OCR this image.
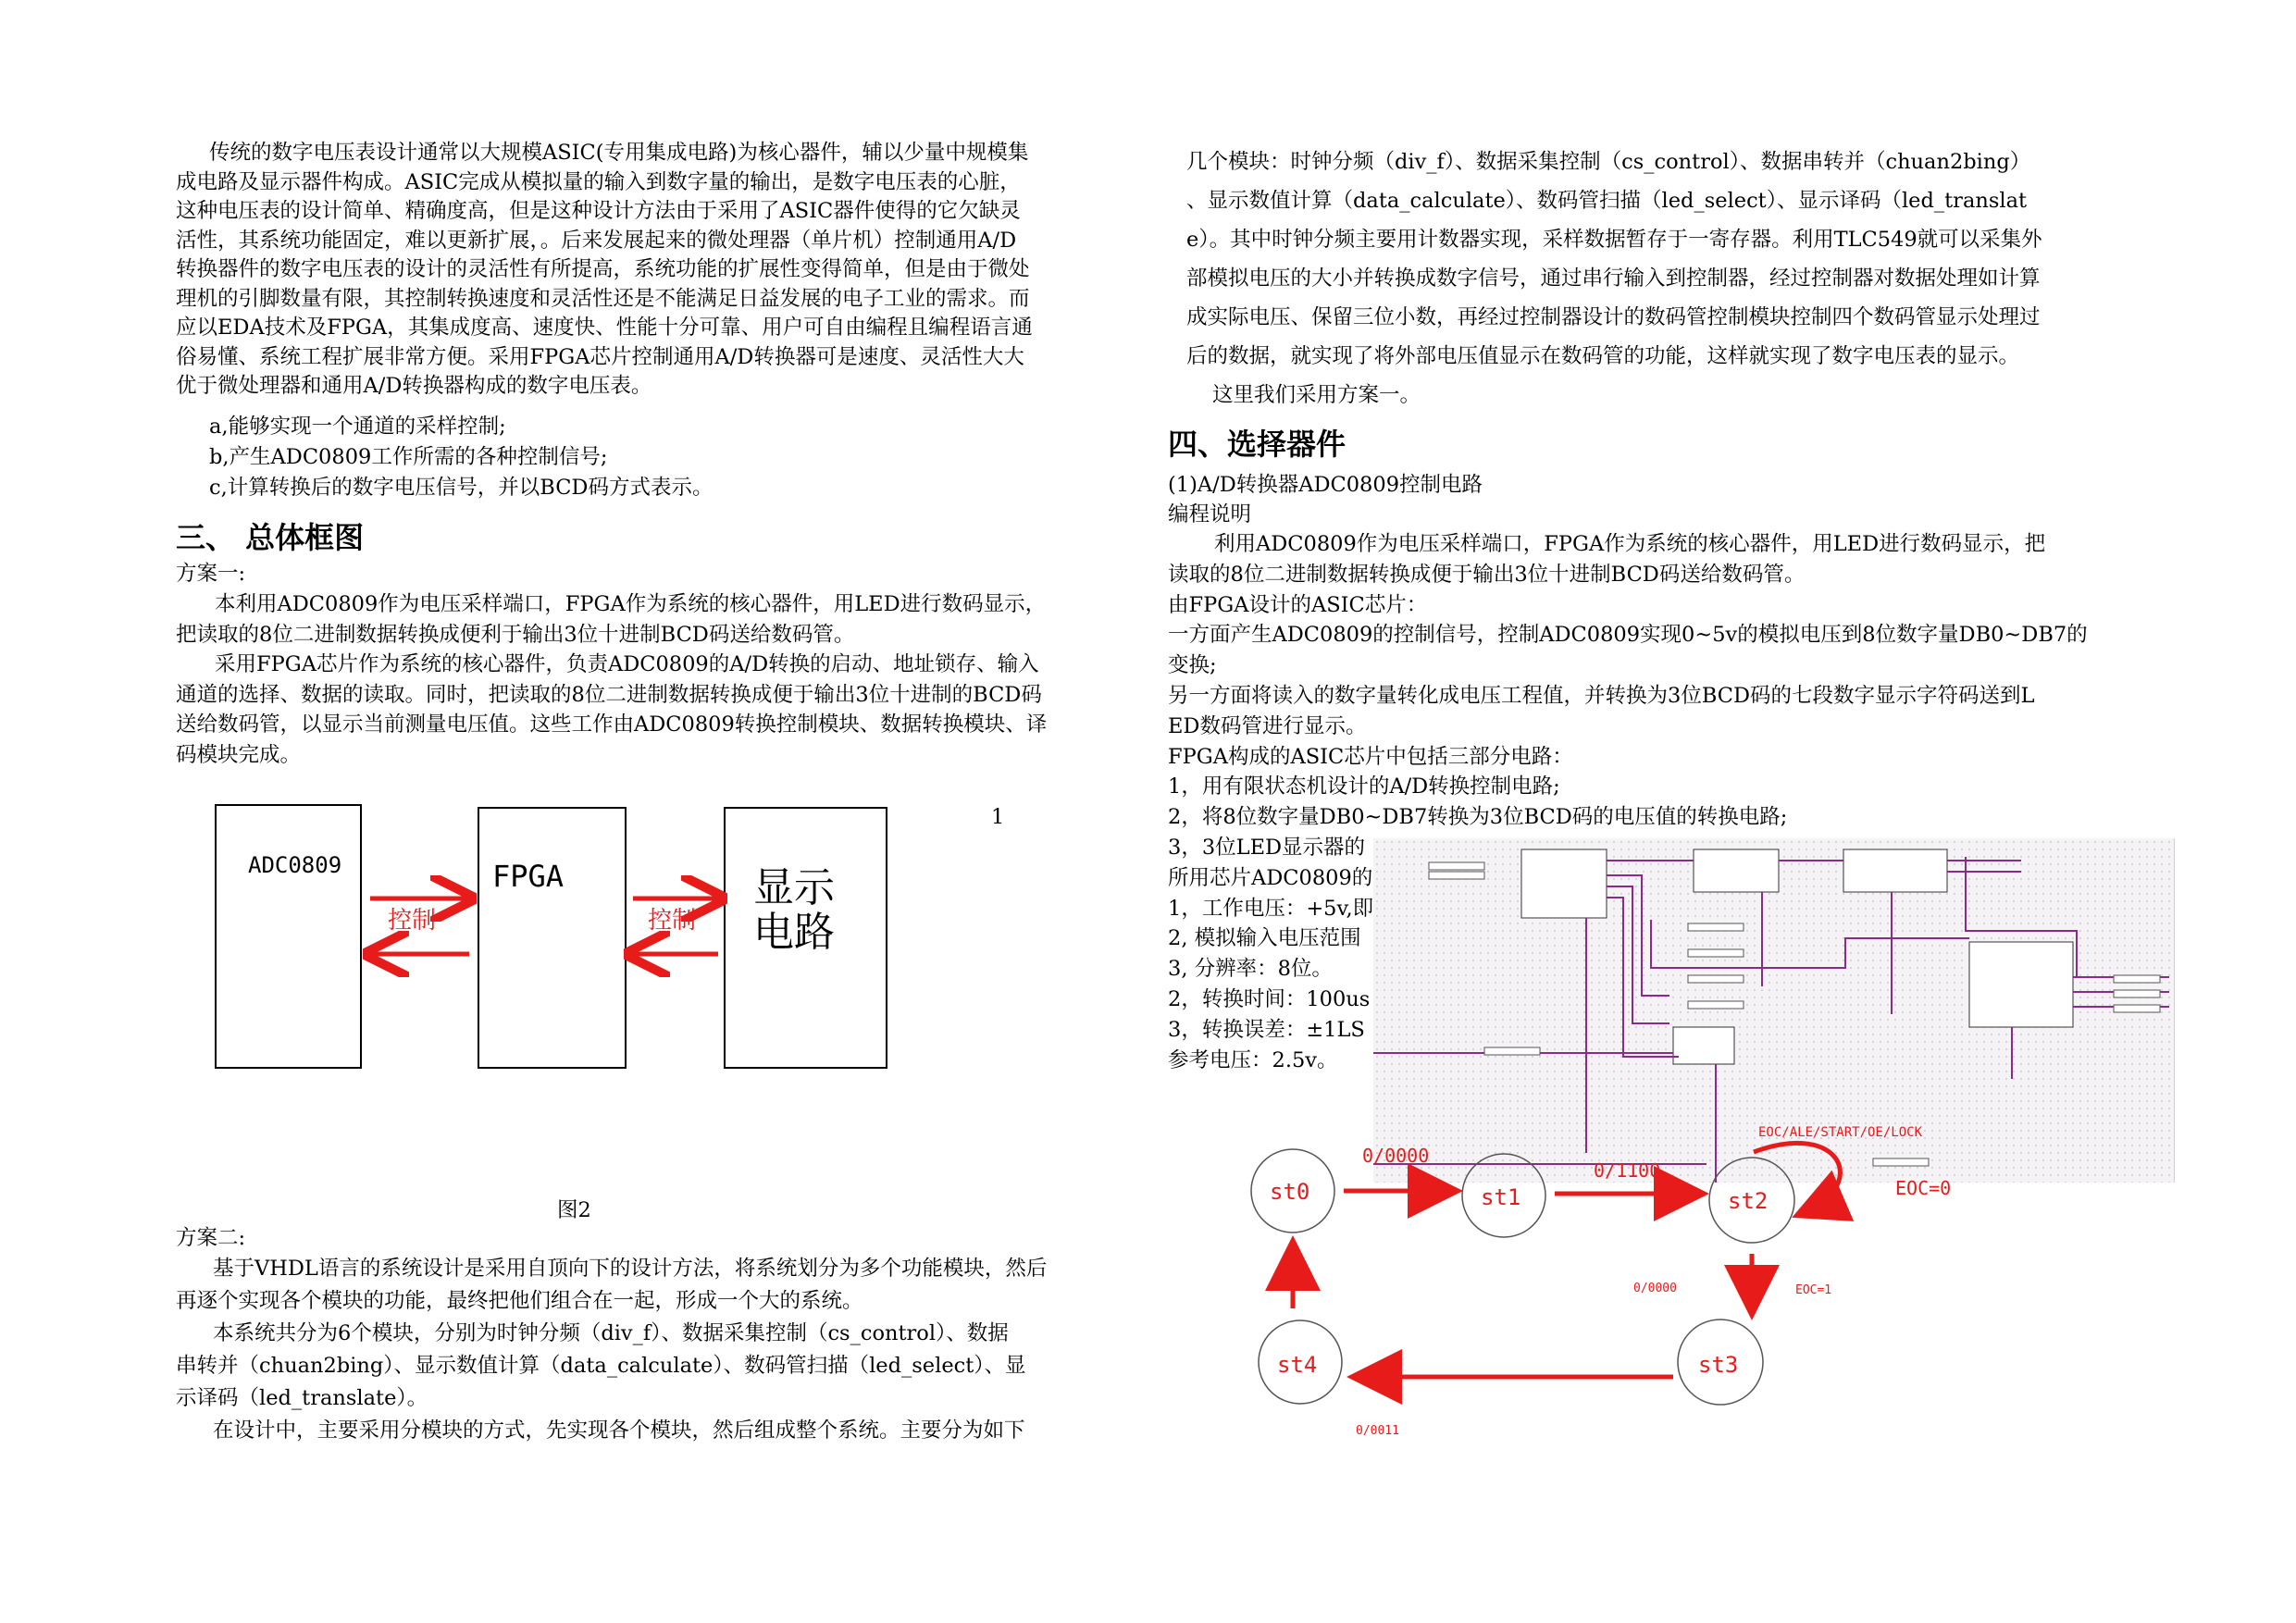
传统的数字电压表设计通常以大规模ASIC(专用集成电路)为核心器件，辅以少量中规模集
成电路及显示器件构成。ASIC完成从模拟量的输入到数字量的输出，是数字电压表的心脏，
这种电压表的设计简单、精确度高，但是这种设计方法由于采用了ASIC器件使得的它欠缺灵
活性，其系统功能固定，难以更新扩展，。后来发展起来的微处理器（单片机）控制通用A/D
转换器件的数字电压表的设计的灵活性有所提高，系统功能的扩展性变得简单，但是由于微处
理机的引脚数量有限，其控制转换速度和灵活性还是不能满足日益发展的电子工业的需求。而
应以EDA技术及FPGA，其集成度高、速度快、性能十分可靠、用户可自由编程且编程语言通
俗易懂、系统工程扩展非常方便。采用FPGA芯片控制通用A/D转换器可是速度、灵活性大大
优于微处理器和通用A/D转换器构成的数字电压表。
a,能够实现一个通道的采样控制;
b,产生ADC0809工作所需的各种控制信号;
c,计算转换后的数字电压信号，并以BCD码方式表示。
三、 总体框图
方案一:
本利用ADC0809作为电压采样端口，FPGA作为系统的核心器件，用LED进行数码显示，
把读取的8位二进制数据转换成便利于输出3位十进制BCD码送给数码管。
采用FPGA芯片作为系统的核心器件，负责ADC0809的A/D转换的启动、地址锁存、输入
通道的选择、数据的读取。同时，把读取的8位二进制数据转换成便于输出3位十进制的BCD码
送给数码管，以显示当前测量电压值。这些工作由ADC0809转换控制模块、数据转换模块、译
码模块完成。
ADC0809	FPGA	显示
电路
控制	控制
1
图2
方案二:
基于VHDL语言的系统设计是采用自顶向下的设计方法，将系统划分为多个功能模块，然后
再逐个实现各个模块的功能，最终把他们组合在一起，形成一个大的系统。
本系统共分为6个模块，分别为时钟分频（div_f）、数据采集控制（cs_control）、数据
串转并（chuan2bing）、显示数值计算（data_calculate）、数码管扫描（led_select）、显
示译码（led_translate）。
在设计中，主要采用分模块的方式，先实现各个模块，然后组成整个系统。主要分为如下
几个模块：时钟分频（div_f）、数据采集控制（cs_control）、数据串转并（chuan2bing）
、显示数值计算（data_calculate）、数码管扫描（led_select）、显示译码（led_translat
e）。其中时钟分频主要用计数器实现，采样数据暂存于一寄存器。利用TLC549就可以采集外
部模拟电压的大小并转换成数字信号，通过串行输入到控制器，经过控制器对数据处理如计算
成实际电压、保留三位小数，再经过控制器设计的数码管控制模块控制四个数码管显示处理过
后的数据，就实现了将外部电压值显示在数码管的功能，这样就实现了数字电压表的显示。
这里我们采用方案一。
四、选择器件
(1)A/D转换器ADC0809控制电路
编程说明
利用ADC0809作为电压采样端口，FPGA作为系统的核心器件，用LED进行数码显示，把
读取的8位二进制数据转换成便于输出3位十进制BCD码送给数码管。
由FPGA设计的ASIC芯片：
一方面产生ADC0809的控制信号，控制ADC0809实现0~5v的模拟电压到8位数字量DB0~DB7的
变换;
另一方面将读入的数字量转化成电压工程值，并转换为3位BCD码的七段数字显示字符码送到L
ED数码管进行显示。
FPGA构成的ASIC芯片中包括三部分电路：
1，用有限状态机设计的A/D转换控制电路;
2，将8位数字量DB0~DB7转换为3位BCD码的电压值的转换电路;
3，3位LED显示器的
所用芯片ADC0809的
1，工作电压：+5v,即
2, 模拟输入电压范围
3, 分辨率：8位。
2，转换时间：100us
3，转换误差：±1LS
参考电压：2.5v。
st0	st1	st2
st3
st4
0/0000
0/1100
EOC/ALE/START/OE/LOCK
EOC=0
EOC=1
0/0000
0/0011
